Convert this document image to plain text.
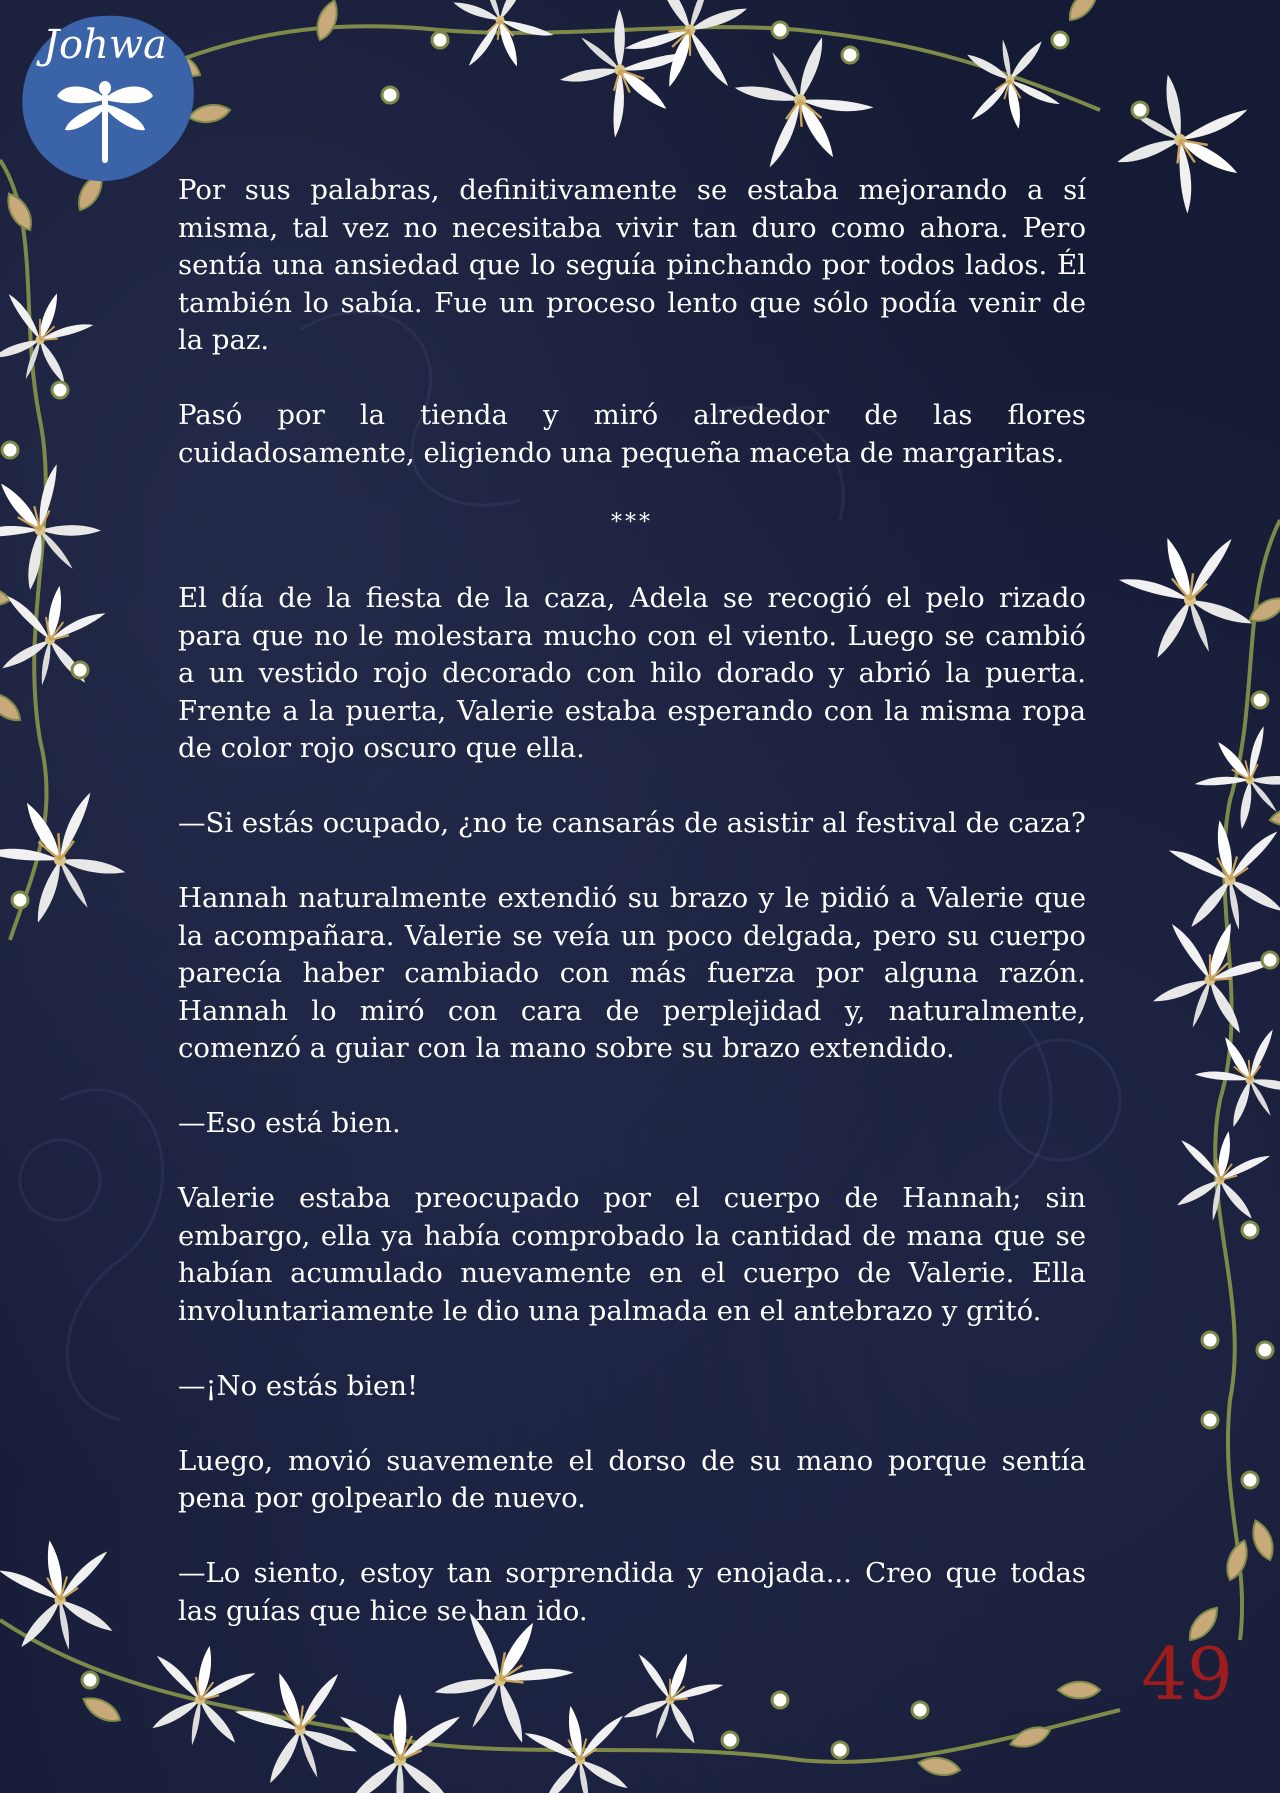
Johwa

Por sus palabras, definitivamente se estaba mejorando a sí misma, tal vez no necesitaba vivir tan duro como ahora. Pero sentía una ansiedad que lo seguía pinchando por todos lados. Él también lo sabía. Fue un proceso lento que sólo podía venir de la paz.

Pasó por la tienda y miró alrededor de las flores cuidadosamente, eligiendo una pequeña maceta de margaritas.

***

El día de la fiesta de la caza, Adela se recogió el pelo rizado para que no le molestara mucho con el viento. Luego se cambió a un vestido rojo decorado con hilo dorado y abrió la puerta. Frente a la puerta, Valerie estaba esperando con la misma ropa de color rojo oscuro que ella.

—Si estás ocupado, ¿no te cansarás de asistir al festival de caza?

Hannah naturalmente extendió su brazo y le pidió a Valerie que la acompañara. Valerie se veía un poco delgada, pero su cuerpo parecía haber cambiado con más fuerza por alguna razón. Hannah lo miró con cara de perplejidad y, naturalmente, comenzó a guiar con la mano sobre su brazo extendido.

—Eso está bien.

Valerie estaba preocupado por el cuerpo de Hannah; sin embargo, ella ya había comprobado la cantidad de mana que se habían acumulado nuevamente en el cuerpo de Valerie. Ella involuntariamente le dio una palmada en el antebrazo y gritó.

—¡No estás bien!

Luego, movió suavemente el dorso de su mano porque sentía pena por golpearlo de nuevo.

—Lo siento, estoy tan sorprendida y enojada... Creo que todas las guías que hice se han ido.

49
